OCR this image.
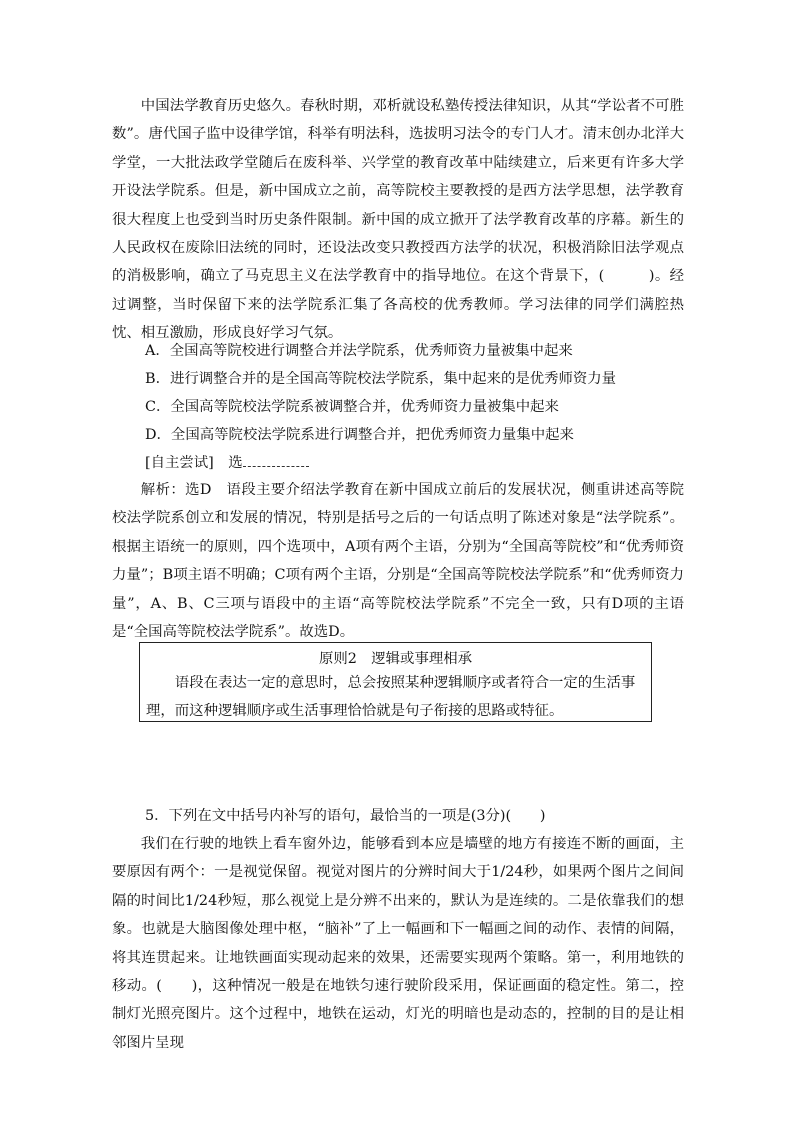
中国法学教育历史悠久。春秋时期，邓析就设私塾传授法律知识，从其“学讼者不可胜数”。唐代国子监中设律学馆，科举有明法科，选拔明习法令的专门人才。清末创办北洋大学堂，一大批法政学堂随后在废科举、兴学堂的教育改革中陆续建立，后来更有许多大学开设法学院系。但是，新中国成立之前，高等院校主要教授的是西方法学思想，法学教育很大程度上也受到当时历史条件限制。新中国的成立掀开了法学教育改革的序幕。新生的人民政权在废除旧法统的同时，还设法改变只教授西方法学的状况，积极消除旧法学观点的消极影响，确立了马克思主义在法学教育中的指导地位。在这个背景下，(　　　)。经过调整，当时保留下来的法学院系汇集了各高校的优秀教师。学习法律的同学们满腔热忱、相互激励，形成良好学习气氛。

A．全国高等院校进行调整合并法学院系，优秀师资力量被集中起来

B．进行调整合并的是全国高等院校法学院系，集中起来的是优秀师资力量

C．全国高等院校法学院系被调整合并，优秀师资力量被集中起来

D．全国高等院校法学院系进行调整合并，把优秀师资力量集中起来

[自主尝试]　 选

解析：选D　语段主要介绍法学教育在新中国成立前后的发展状况，侧重讲述高等院校法学院系创立和发展的情况，特别是括号之后的一句话点明了陈述对象是“法学院系”。根据主语统一的原则，四个选项中，A项有两个主语，分别为“全国高等院校”和“优秀师资力量”；B项主语不明确；C项有两个主语，分别是“全国高等院校法学院系”和“优秀师资力量”，A、B、C三项与语段中的主语“高等院校法学院系”不完全一致，只有D项的主语是“全国高等院校法学院系”。故选D。

原则2　逻辑或事理相承

语段在表达一定的意思时，总会按照某种逻辑顺序或者符合一定的生活事理，而这种逻辑顺序或生活事理恰恰就是句子衔接的思路或特征。

5．下列在文中括号内补写的语句，最恰当的一项是(3分)(　　)

我们在行驶的地铁上看车窗外边，能够看到本应是墙壁的地方有接连不断的画面，主要原因有两个：一是视觉保留。视觉对图片的分辨时间大于1/24秒，如果两个图片之间间隔的时间比1/24秒短，那么视觉上是分辨不出来的，默认为是连续的。二是依靠我们的想象。也就是大脑图像处理中枢，“脑补”了上一幅画和下一幅画之间的动作、表情的间隔，将其连贯起来。让地铁画面实现动起来的效果，还需要实现两个策略。第一，利用地铁的移动。(　　)，这种情况一般是在地铁匀速行驶阶段采用，保证画面的稳定性。第二，控制灯光照亮图片。这个过程中，地铁在运动，灯光的明暗也是动态的，控制的目的是让相邻图片呈现
